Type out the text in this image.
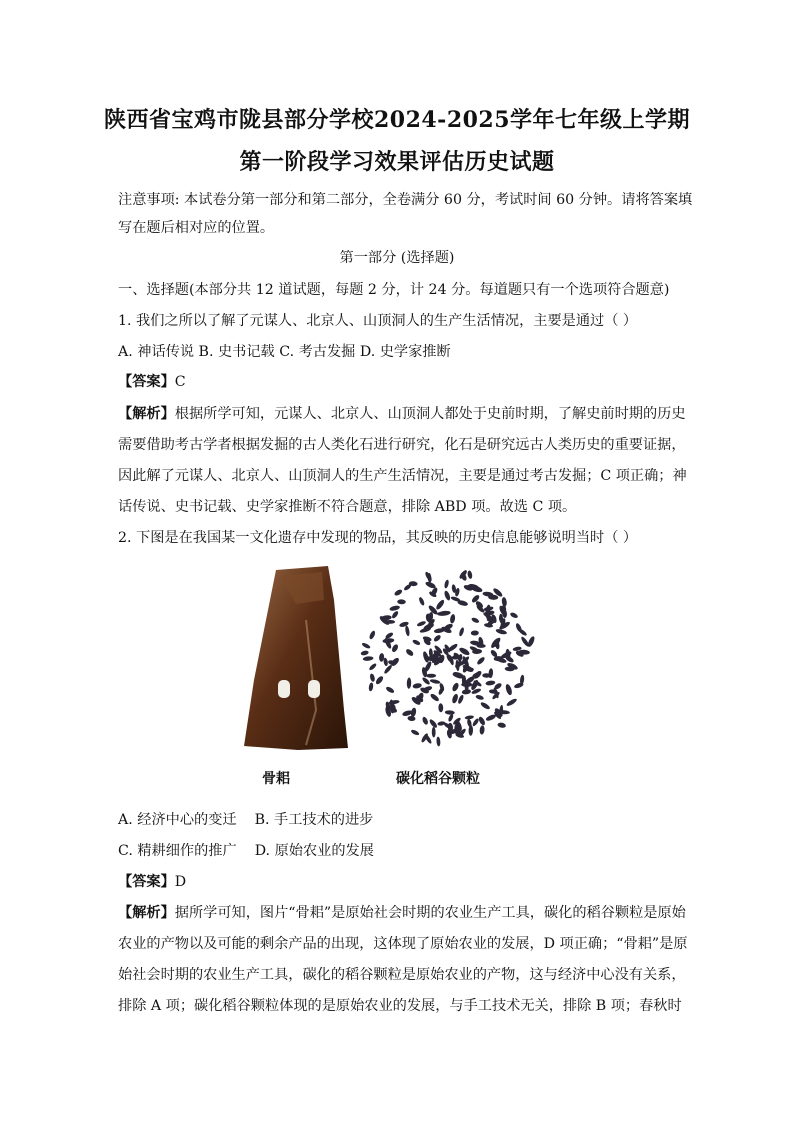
陕西省宝鸡市陇县部分学校2024-2025学年七年级上学期
第一阶段学习效果评估历史试题
注意事项: 本试卷分第一部分和第二部分，全卷满分 60 分，考试时间 60 分钟。请将答案填
写在题后相对应的位置。
第一部分 (选择题)
一、选择题(本部分共 12 道试题，每题 2 分，计 24 分。每道题只有一个选项符合题意)
1. 我们之所以了解了元谋人、北京人、山顶洞人的生产生活情况，主要是通过（ ）
A. 神话传说 B. 史书记载 C. 考古发掘 D. 史学家推断
【答案】C
【解析】根据所学可知，元谋人、北京人、山顶洞人都处于史前时期，了解史前时期的历史
需要借助考古学者根据发掘的古人类化石进行研究，化石是研究远古人类历史的重要证据，
因此解了元谋人、北京人、山顶洞人的生产生活情况，主要是通过考古发掘；C 项正确；神
话传说、史书记载、史学家推断不符合题意，排除 ABD 项。故选 C 项。
2. 下图是在我国某一文化遗存中发现的物品，其反映的历史信息能够说明当时（ ）
骨耜	碳化稻谷颗粒
A. 经济中心的变迁 B. 手工技术的进步
C. 精耕细作的推广 D. 原始农业的发展
【答案】D
【解析】据所学可知，图片“骨耜”是原始社会时期的农业生产工具，碳化的稻谷颗粒是原始
农业的产物以及可能的剩余产品的出现，这体现了原始农业的发展，D 项正确；“骨耜”是原
始社会时期的农业生产工具，碳化的稻谷颗粒是原始农业的产物，这与经济中心没有关系，
排除 A 项；碳化稻谷颗粒体现的是原始农业的发展，与手工技术无关，排除 B 项；春秋时
